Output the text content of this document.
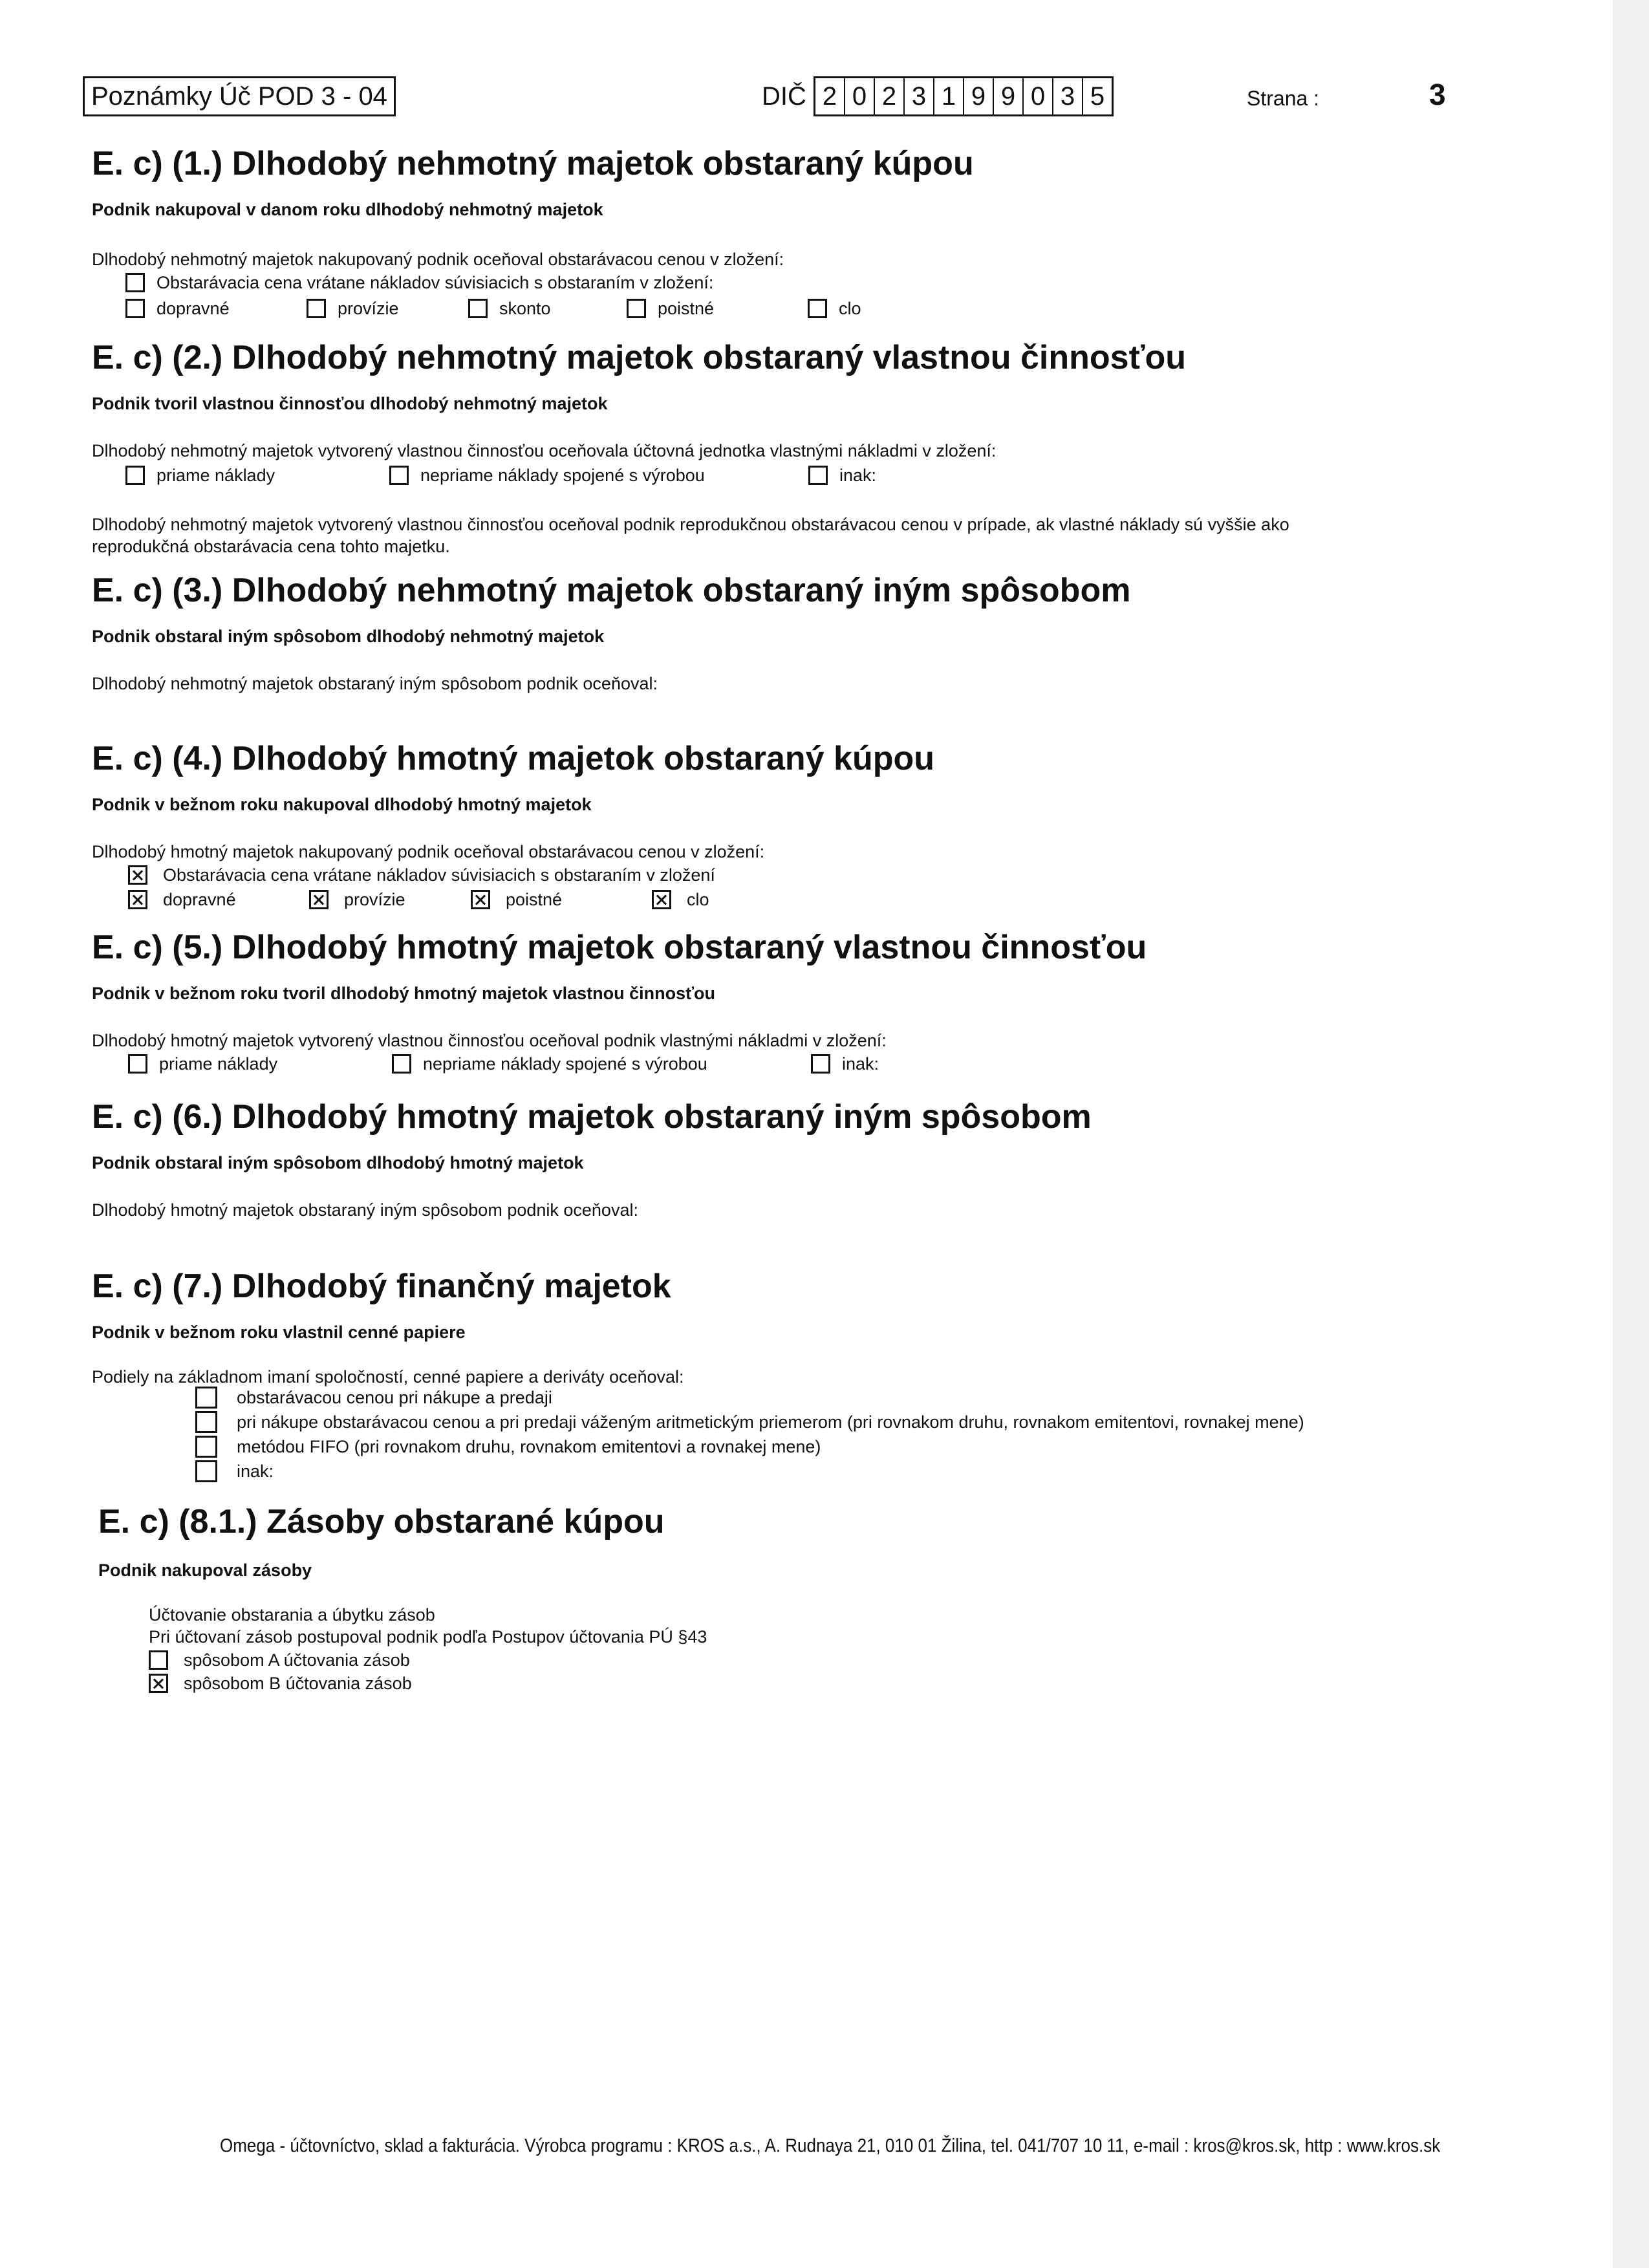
Poznámky Úč POD 3 - 04	DIČ 2 0 2 3 1 9 9 0 3 5	Strana :	3
E. c) (1.) Dlhodobý nehmotný majetok obstaraný kúpou
Podnik nakupoval v danom roku dlhodobý nehmotný majetok
Dlhodobý nehmotný majetok nakupovaný podnik oceňoval obstarávacou cenou v zložení:
Obstarávacia cena vrátane nákladov súvisiacich s obstaraním v zložení:
dopravné	provízie	skonto	poistné	clo
E. c) (2.) Dlhodobý nehmotný majetok obstaraný vlastnou činnosťou
Podnik tvoril vlastnou činnosťou dlhodobý nehmotný majetok
Dlhodobý nehmotný majetok vytvorený vlastnou činnosťou oceňovala účtovná jednotka vlastnými nákladmi v zložení:
priame náklady	nepriame náklady spojené s výrobou	inak:
Dlhodobý nehmotný majetok vytvorený vlastnou činnosťou oceňoval podnik reprodukčnou obstarávacou cenou v prípade, ak vlastné náklady sú vyššie ako
reprodukčná obstarávacia cena tohto majetku.
E. c) (3.) Dlhodobý nehmotný majetok obstaraný iným spôsobom
Podnik obstaral iným spôsobom dlhodobý nehmotný majetok
Dlhodobý nehmotný majetok obstaraný iným spôsobom podnik oceňoval:
E. c) (4.) Dlhodobý hmotný majetok obstaraný kúpou
Podnik v bežnom roku nakupoval dlhodobý hmotný majetok
Dlhodobý hmotný majetok nakupovaný podnik oceňoval obstarávacou cenou v zložení:
Obstarávacia cena vrátane nákladov súvisiacich s obstaraním v zložení
dopravné	provízie	poistné	clo
E. c) (5.) Dlhodobý hmotný majetok obstaraný vlastnou činnosťou
Podnik v bežnom roku tvoril dlhodobý hmotný majetok vlastnou činnosťou
Dlhodobý hmotný majetok vytvorený vlastnou činnosťou oceňoval podnik vlastnými nákladmi v zložení:
priame náklady	nepriame náklady spojené s výrobou	inak:
E. c) (6.) Dlhodobý hmotný majetok obstaraný iným spôsobom
Podnik obstaral iným spôsobom dlhodobý hmotný majetok
Dlhodobý hmotný majetok obstaraný iným spôsobom podnik oceňoval:
E. c) (7.) Dlhodobý finančný majetok
Podnik v bežnom roku vlastnil cenné papiere
Podiely na základnom imaní spoločností, cenné papiere a deriváty oceňoval:
obstarávacou cenou pri nákupe a predaji
pri nákupe obstarávacou cenou a pri predaji váženým aritmetickým priemerom (pri rovnakom druhu, rovnakom emitentovi, rovnakej mene)
metódou FIFO (pri rovnakom druhu, rovnakom emitentovi a rovnakej mene)
inak:
E. c) (8.1.) Zásoby obstarané kúpou
Podnik nakupoval zásoby
Účtovanie obstarania a úbytku zásob
Pri účtovaní zásob postupoval podnik podľa Postupov účtovania PÚ §43
spôsobom A účtovania zásob
spôsobom B účtovania zásob
Omega - účtovníctvo, sklad a fakturácia. Výrobca programu : KROS a.s., A. Rudnaya 21, 010 01 Žilina, tel. 041/707 10 11, e-mail : kros@kros.sk, http : www.kros.sk
